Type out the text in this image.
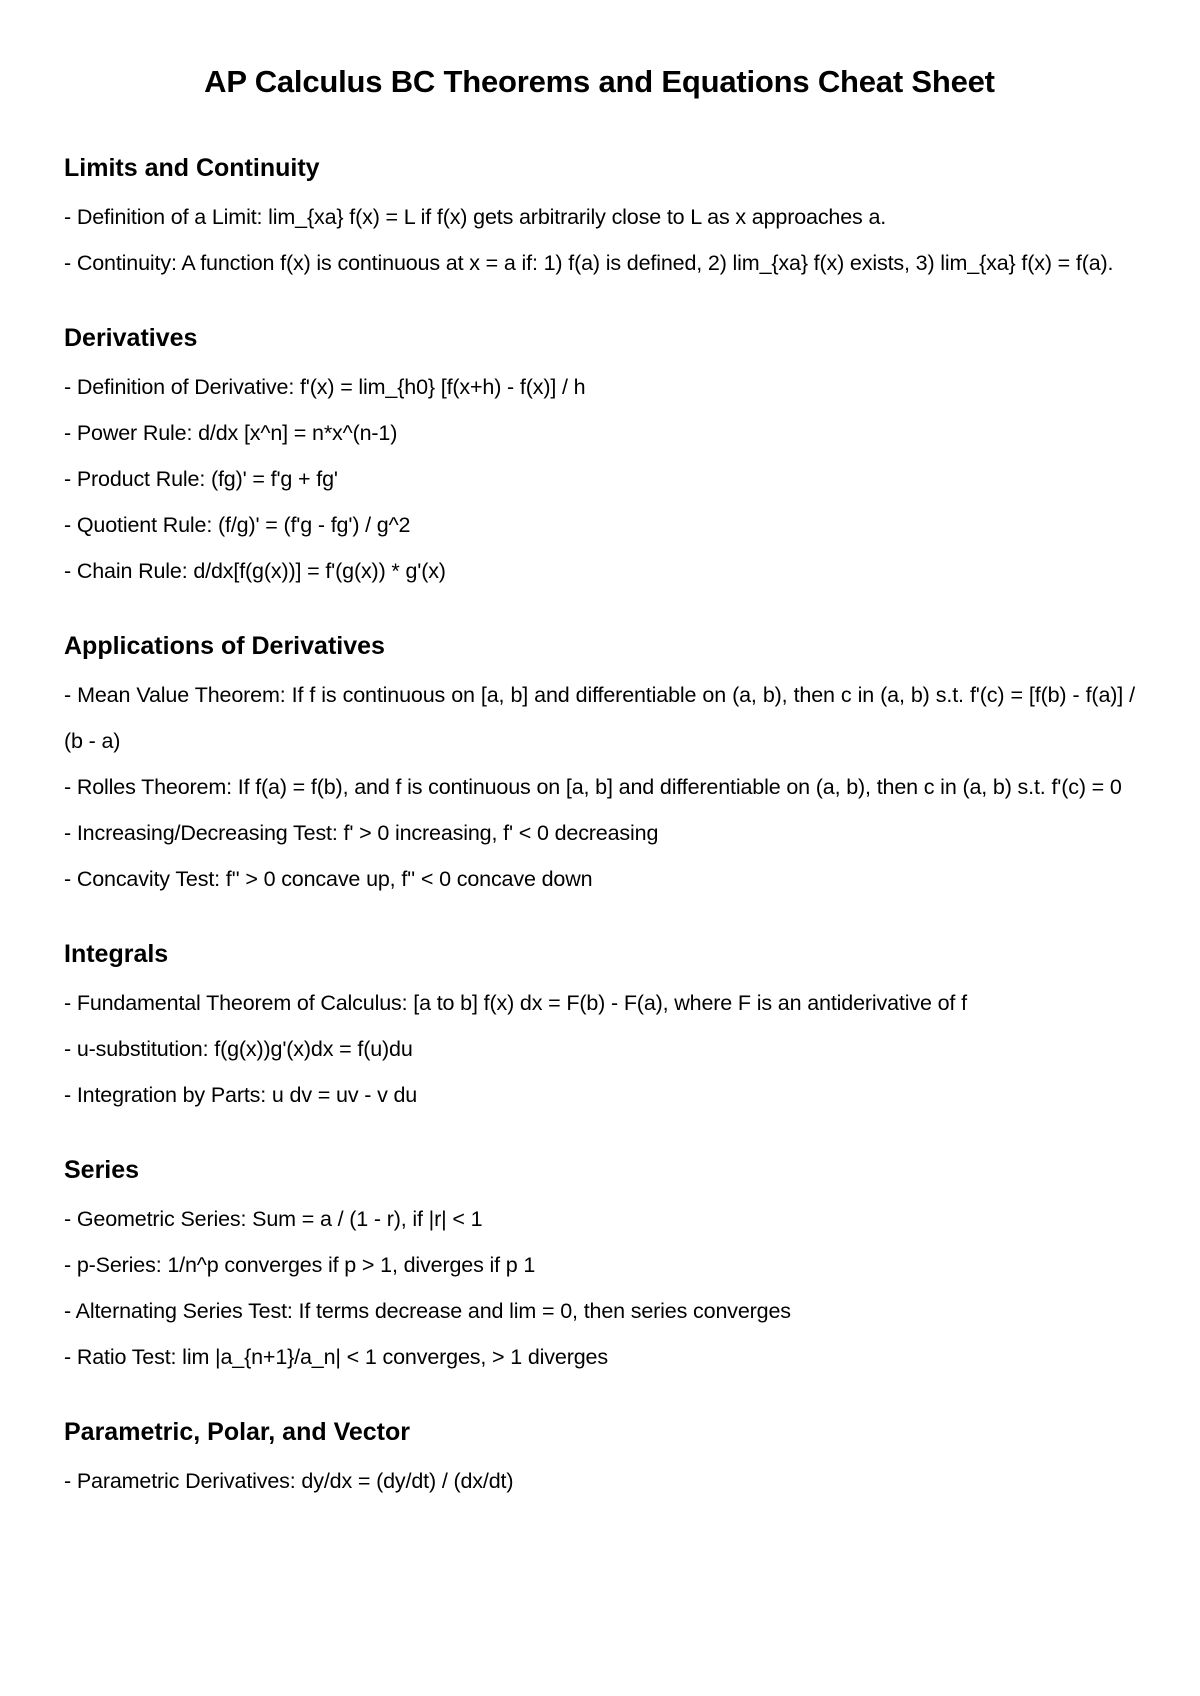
AP Calculus BC Theorems and Equations Cheat Sheet
Limits and Continuity

- Definition of a Limit: lim_{xa} f(x) = L if f(x) gets arbitrarily close to L as x approaches a.

- Continuity: A function f(x) is continuous at x = a if: 1) f(a) is defined, 2) lim_{xa} f(x) exists, 3) lim_{xa} f(x) = f(a).

Derivatives

- Definition of Derivative: f'(x) = lim_{h0} [f(x+h) - f(x)] / h

- Power Rule: d/dx [x^n] = n*x^(n-1)

- Product Rule: (fg)' = f'g + fg'

- Quotient Rule: (f/g)' = (f'g - fg') / g^2

- Chain Rule: d/dx[f(g(x))] = f'(g(x)) * g'(x)

Applications of Derivatives

- Mean Value Theorem: If f is continuous on [a, b] and differentiable on (a, b), then c in (a, b) s.t. f'(c) = [f(b) - f(a)] / (b - a)

- Rolles Theorem: If f(a) = f(b), and f is continuous on [a, b] and differentiable on (a, b), then c in (a, b) s.t. f'(c) = 0

- Increasing/Decreasing Test: f' > 0 increasing, f' < 0 decreasing

- Concavity Test: f'' > 0 concave up, f'' < 0 concave down

Integrals

- Fundamental Theorem of Calculus: [a to b] f(x) dx = F(b) - F(a), where F is an antiderivative of f

- u-substitution: f(g(x))g'(x)dx = f(u)du

- Integration by Parts: u dv = uv - v du

Series

- Geometric Series: Sum = a / (1 - r), if |r| < 1

- p-Series: 1/n^p converges if p > 1, diverges if p 1

- Alternating Series Test: If terms decrease and lim = 0, then series converges

- Ratio Test: lim |a_{n+1}/a_n| < 1 converges, > 1 diverges

Parametric, Polar, and Vector

- Parametric Derivatives: dy/dx = (dy/dt) / (dx/dt)
